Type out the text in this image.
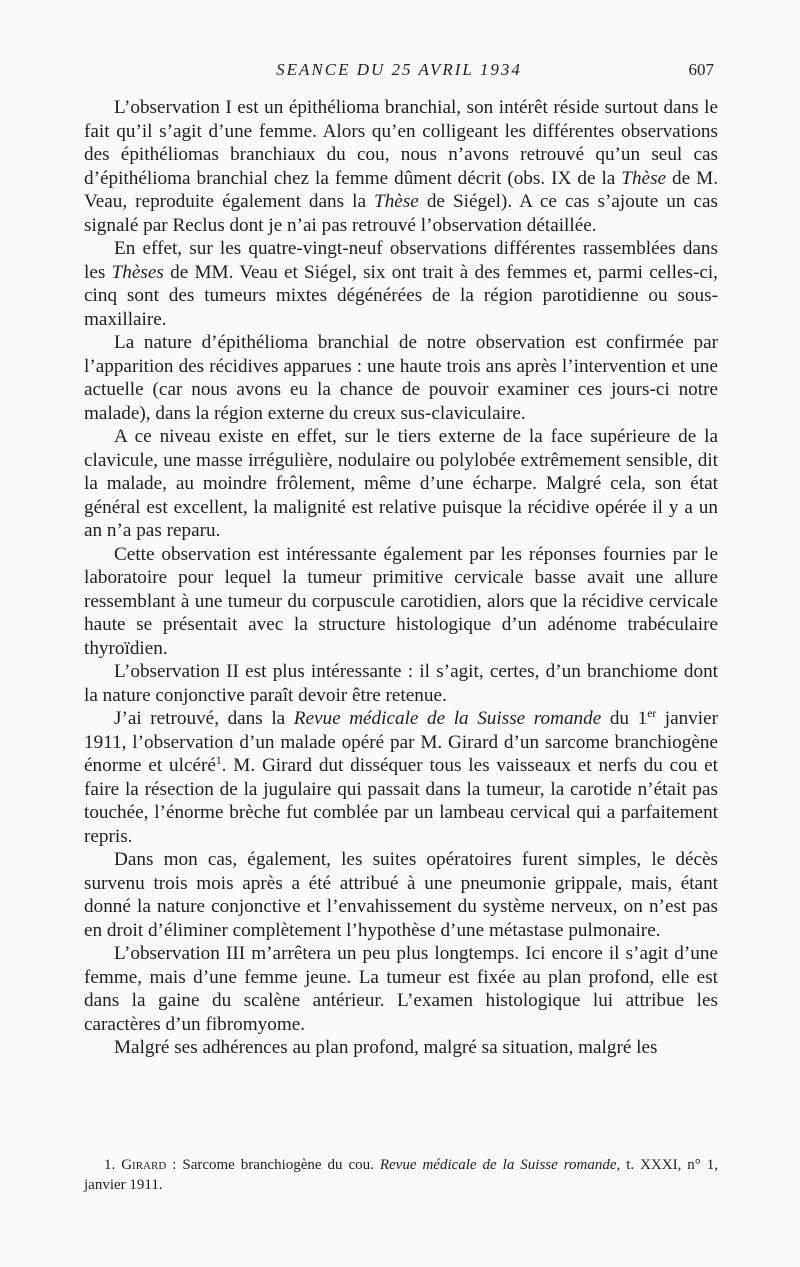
SEANCE DU 25 AVRIL 1934	607

L’observation I est un épithélioma branchial, son intérêt réside surtout dans le fait qu’il s’agit d’une femme. Alors qu’en colligeant les différentes observations des épithéliomas branchiaux du cou, nous n’avons retrouvé qu’un seul cas d’épithélioma branchial chez la femme dûment décrit (obs. IX de la Thèse de M. Veau, reproduite également dans la Thèse de Siégel). A ce cas s’ajoute un cas signalé par Reclus dont je n’ai pas retrouvé l’observation détaillée.

En effet, sur les quatre-vingt-neuf observations différentes rassemblées dans les Thèses de MM. Veau et Siégel, six ont trait à des femmes et, parmi celles-ci, cinq sont des tumeurs mixtes dégénérées de la région parotidienne ou sous-maxillaire.

La nature d’épithélioma branchial de notre observation est confirmée par l’apparition des récidives apparues : une haute trois ans après l’intervention et une actuelle (car nous avons eu la chance de pouvoir examiner ces jours-ci notre malade), dans la région externe du creux sus-claviculaire.

A ce niveau existe en effet, sur le tiers externe de la face supérieure de la clavicule, une masse irrégulière, nodulaire ou polylobée extrêmement sensible, dit la malade, au moindre frôlement, même d’une écharpe. Malgré cela, son état général est excellent, la malignité est relative puisque la récidive opérée il y a un an n’a pas reparu.

Cette observation est intéressante également par les réponses fournies par le laboratoire pour lequel la tumeur primitive cervicale basse avait une allure ressemblant à une tumeur du corpuscule carotidien, alors que la récidive cervicale haute se présentait avec la structure histologique d’un adénome trabéculaire thyroïdien.

L’observation II est plus intéressante : il s’agit, certes, d’un branchiome dont la nature conjonctive paraît devoir être retenue.

J’ai retrouvé, dans la Revue médicale de la Suisse romande du 1er janvier 1911, l’observation d’un malade opéré par M. Girard d’un sarcome branchiogène énorme et ulcéré$^1$. M. Girard dut disséquer tous les vaisseaux et nerfs du cou et faire la résection de la jugulaire qui passait dans la tumeur, la carotide n’était pas touchée, l’énorme brèche fut comblée par un lambeau cervical qui a parfaitement repris.

Dans mon cas, également, les suites opératoires furent simples, le décès survenu trois mois après a été attribué à une pneumonie grippale, mais, étant donné la nature conjonctive et l’envahissement du système nerveux, on n’est pas en droit d’éliminer complètement l’hypothèse d’une métastase pulmonaire.

L’observation III m’arrêtera un peu plus longtemps. Ici encore il s’agit d’une femme, mais d’une femme jeune. La tumeur est fixée au plan profond, elle est dans la gaine du scalène antérieur. L’examen histologique lui attribue les caractères d’un fibromyome.

Malgré ses adhérences au plan profond, malgré sa situation, malgré les

1. Girard : Sarcome branchiogène du cou. Revue médicale de la Suisse romande, t. XXXI, n° 1, janvier 1911.
